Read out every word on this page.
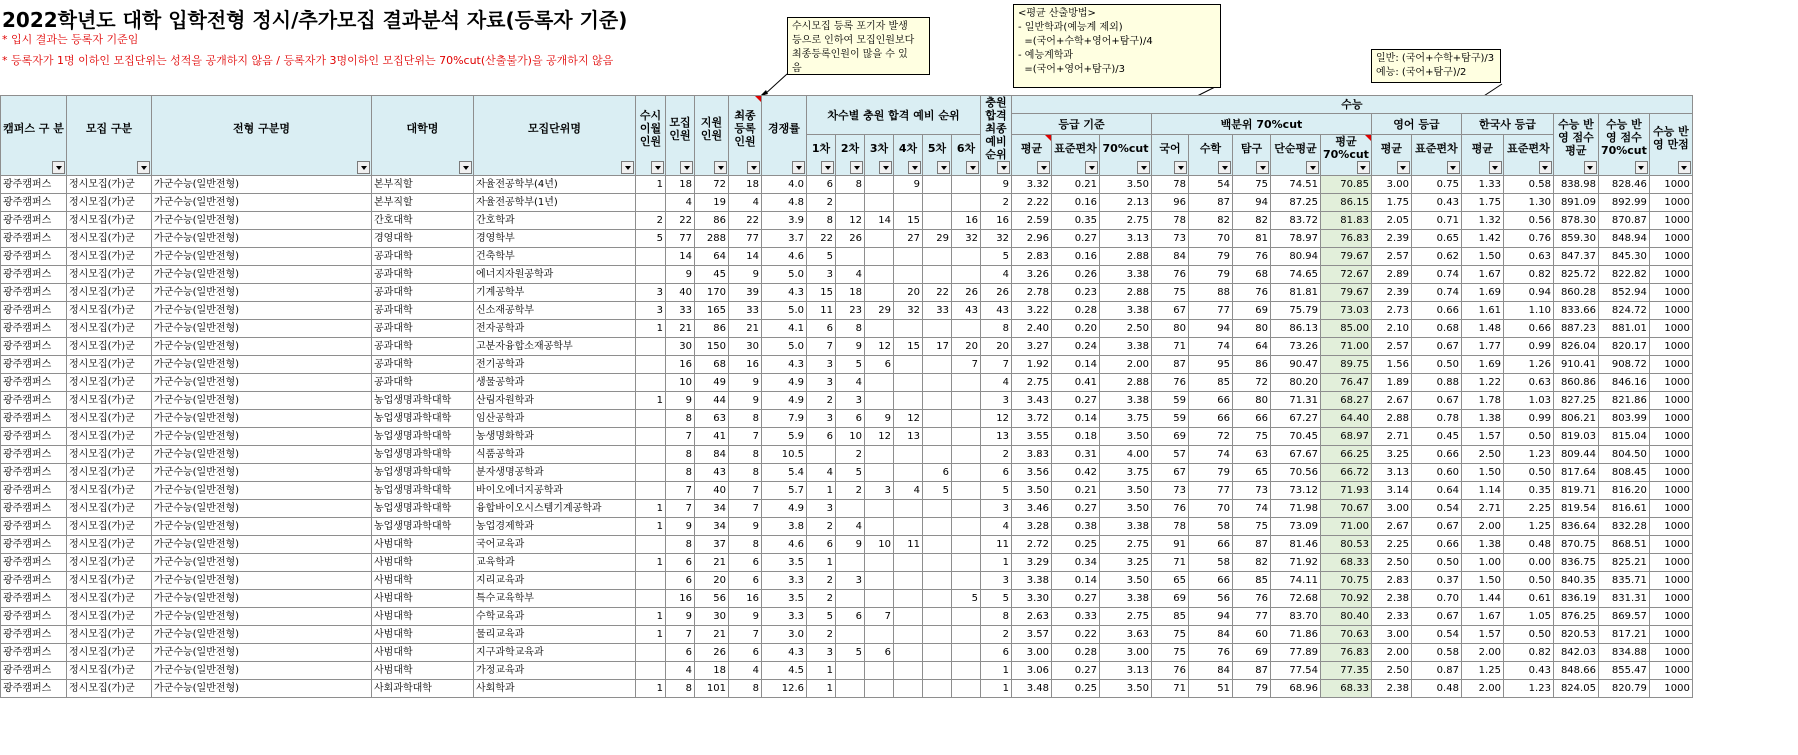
2022학년도 대학 입학전형 정시/추가모집 결과분석 자료(등록자 기준)
* 입시 결과는 등록자 기준임
* 등록자가 1명 이하인 모집단위는 성적을 공개하지 않음 / 등록자가 3명이하인 모집단위는 70%cut(산출불가)을 공개하지 않음
수시모집 등록 포기자 발생
등으로 인하여 모집인원보다
최종등록인원이 많을 수 있
음
<평균 산출방법>
- 일반학과(예능계 제외)
=(국어+수학+영어+탐구)/4
- 예능계학과
=(국어+영어+탐구)/3
일반: (국어+수학+탐구)/3
예능: (국어+탐구)/2
캠퍼스 구 분	모집 구분	전형 구분명	대학명	모집단위명	수시 이월 인원	모집 인원	지원 인원	최종 등록 인원	경쟁률	차수별 충원 합격 예비 순위						충원 합격 최종 예비 순위	수능														
																	등급 기준			백분위 70%cut					영어 등급		한국사 등급		수능 반영 점수 평균	수능 반영 점수 70%cut	수능 반영 만점

										1차	2차	3차	4차	5차	6차		평균	표준편차	70%cut	국어	수학	탐구	단순평균	평균 70%cut	평균	표준편차	평균	표준편차			

광주캠퍼스	정시모집(가)군	가군수능(일반전형)	본부직할	자율전공학부(4년)	1	18	72	18	4.0	6	8		9			9	3.32	0.21	3.50	78	54	75	74.51	70.85	3.00	0.75	1.33	0.58	838.98	828.46	1000
광주캠퍼스	정시모집(가)군	가군수능(일반전형)	본부직할	자율전공학부(1년)		4	19	4	4.8	2						2	2.22	0.16	2.13	96	87	94	87.25	86.15	1.75	0.43	1.75	1.30	891.09	892.99	1000
광주캠퍼스	정시모집(가)군	가군수능(일반전형)	간호대학	간호학과	2	22	86	22	3.9	8	12	14	15		16	16	2.59	0.35	2.75	78	82	82	83.72	81.83	2.05	0.71	1.32	0.56	878.30	870.87	1000
광주캠퍼스	정시모집(가)군	가군수능(일반전형)	경영대학	경영학부	5	77	288	77	3.7	22	26		27	29	32	32	2.96	0.27	3.13	73	70	81	78.97	76.83	2.39	0.65	1.42	0.76	859.30	848.94	1000
광주캠퍼스	정시모집(가)군	가군수능(일반전형)	공과대학	건축학부		14	64	14	4.6	5						5	2.83	0.16	2.88	84	79	76	80.94	79.67	2.57	0.62	1.50	0.63	847.37	845.30	1000
광주캠퍼스	정시모집(가)군	가군수능(일반전형)	공과대학	에너지자원공학과		9	45	9	5.0	3	4					4	3.26	0.26	3.38	76	79	68	74.65	72.67	2.89	0.74	1.67	0.82	825.72	822.82	1000
광주캠퍼스	정시모집(가)군	가군수능(일반전형)	공과대학	기계공학부	3	40	170	39	4.3	15	18		20	22	26	26	2.78	0.23	2.88	75	88	76	81.81	79.67	2.39	0.74	1.69	0.94	860.28	852.94	1000
광주캠퍼스	정시모집(가)군	가군수능(일반전형)	공과대학	신소재공학부	3	33	165	33	5.0	11	23	29	32	33	43	43	3.22	0.28	3.38	67	77	69	75.79	73.03	2.73	0.66	1.61	1.10	833.66	824.72	1000
광주캠퍼스	정시모집(가)군	가군수능(일반전형)	공과대학	전자공학과	1	21	86	21	4.1	6	8					8	2.40	0.20	2.50	80	94	80	86.13	85.00	2.10	0.68	1.48	0.66	887.23	881.01	1000
광주캠퍼스	정시모집(가)군	가군수능(일반전형)	공과대학	고분자융합소재공학부		30	150	30	5.0	7	9	12	15	17	20	20	3.27	0.24	3.38	71	74	64	73.26	71.00	2.57	0.67	1.77	0.99	826.04	820.17	1000
광주캠퍼스	정시모집(가)군	가군수능(일반전형)	공과대학	전기공학과		16	68	16	4.3	3	5	6			7	7	1.92	0.14	2.00	87	95	86	90.47	89.75	1.56	0.50	1.69	1.26	910.41	908.72	1000
광주캠퍼스	정시모집(가)군	가군수능(일반전형)	공과대학	생물공학과		10	49	9	4.9	3	4					4	2.75	0.41	2.88	76	85	72	80.20	76.47	1.89	0.88	1.22	0.63	860.86	846.16	1000
광주캠퍼스	정시모집(가)군	가군수능(일반전형)	농업생명과학대학	산림자원학과	1	9	44	9	4.9	2	3					3	3.43	0.27	3.38	59	66	80	71.31	68.27	2.67	0.67	1.78	1.03	827.25	821.86	1000
광주캠퍼스	정시모집(가)군	가군수능(일반전형)	농업생명과학대학	임산공학과		8	63	8	7.9	3	6	9	12			12	3.72	0.14	3.75	59	66	66	67.27	64.40	2.88	0.78	1.38	0.99	806.21	803.99	1000
광주캠퍼스	정시모집(가)군	가군수능(일반전형)	농업생명과학대학	농생명화학과		7	41	7	5.9	6	10	12	13			13	3.55	0.18	3.50	69	72	75	70.45	68.97	2.71	0.45	1.57	0.50	819.03	815.04	1000
광주캠퍼스	정시모집(가)군	가군수능(일반전형)	농업생명과학대학	식품공학과		8	84	8	10.5		2					2	3.83	0.31	4.00	57	74	63	67.67	66.25	3.25	0.66	2.50	1.23	809.44	804.50	1000
광주캠퍼스	정시모집(가)군	가군수능(일반전형)	농업생명과학대학	분자생명공학과		8	43	8	5.4	4	5			6		6	3.56	0.42	3.75	67	79	65	70.56	66.72	3.13	0.60	1.50	0.50	817.64	808.45	1000
광주캠퍼스	정시모집(가)군	가군수능(일반전형)	농업생명과학대학	바이오에너지공학과		7	40	7	5.7	1	2	3	4	5		5	3.50	0.21	3.50	73	77	73	73.12	71.93	3.14	0.64	1.14	0.35	819.71	816.20	1000
광주캠퍼스	정시모집(가)군	가군수능(일반전형)	농업생명과학대학	융합바이오시스템기계공학과	1	7	34	7	4.9	3						3	3.46	0.27	3.50	76	70	74	71.98	70.67	3.00	0.54	2.71	2.25	819.54	816.61	1000
광주캠퍼스	정시모집(가)군	가군수능(일반전형)	농업생명과학대학	농업경제학과	1	9	34	9	3.8	2	4					4	3.28	0.38	3.38	78	58	75	73.09	71.00	2.67	0.67	2.00	1.25	836.64	832.28	1000
광주캠퍼스	정시모집(가)군	가군수능(일반전형)	사범대학	국어교육과		8	37	8	4.6	6	9	10	11			11	2.72	0.25	2.75	91	66	87	81.46	80.53	2.25	0.66	1.38	0.48	870.75	868.51	1000
광주캠퍼스	정시모집(가)군	가군수능(일반전형)	사범대학	교육학과	1	6	21	6	3.5	1						1	3.29	0.34	3.25	71	58	82	71.92	68.33	2.50	0.50	1.00	0.00	836.75	825.21	1000
광주캠퍼스	정시모집(가)군	가군수능(일반전형)	사범대학	지리교육과		6	20	6	3.3	2	3					3	3.38	0.14	3.50	65	66	85	74.11	70.75	2.83	0.37	1.50	0.50	840.35	835.71	1000
광주캠퍼스	정시모집(가)군	가군수능(일반전형)	사범대학	특수교육학부		16	56	16	3.5	2					5	5	3.30	0.27	3.38	69	56	76	72.68	70.92	2.38	0.70	1.44	0.61	836.19	831.31	1000
광주캠퍼스	정시모집(가)군	가군수능(일반전형)	사범대학	수학교육과	1	9	30	9	3.3	5	6	7				8	2.63	0.33	2.75	85	94	77	83.70	80.40	2.33	0.67	1.67	1.05	876.25	869.57	1000
광주캠퍼스	정시모집(가)군	가군수능(일반전형)	사범대학	물리교육과	1	7	21	7	3.0	2						2	3.57	0.22	3.63	75	84	60	71.86	70.63	3.00	0.54	1.57	0.50	820.53	817.21	1000
광주캠퍼스	정시모집(가)군	가군수능(일반전형)	사범대학	지구과학교육과		6	26	6	4.3	3	5	6				6	3.00	0.28	3.00	75	76	69	77.89	76.83	2.00	0.58	2.00	0.82	842.03	834.88	1000
광주캠퍼스	정시모집(가)군	가군수능(일반전형)	사범대학	가정교육과		4	18	4	4.5	1						1	3.06	0.27	3.13	76	84	87	77.54	77.35	2.50	0.87	1.25	0.43	848.66	855.47	1000
광주캠퍼스	정시모집(가)군	가군수능(일반전형)	사회과학대학	사회학과	1	8	101	8	12.6	1						1	3.48	0.25	3.50	71	51	79	68.96	68.33	2.38	0.48	2.00	1.23	824.05	820.79	1000
